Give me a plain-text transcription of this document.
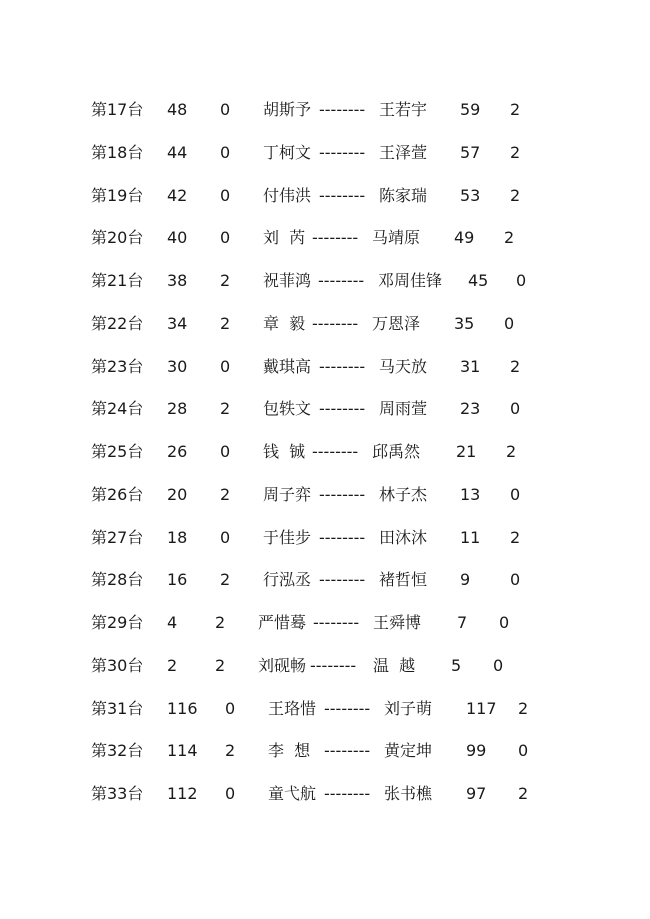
第17台 48 0 胡斯予 -------- 王若宇 59 2
第18台 44 0 丁柯文 -------- 王泽萱 57 2
第19台 42 0 付伟洪 -------- 陈家瑞 53 2
第20台 40 0 刘  芮 -------- 马靖原 49 2
第21台 38 2 祝菲鸿 -------- 邓周佳锋 45 0
第22台 34 2 章  毅 -------- 万恩泽 35 0
第23台 30 0 戴琪高 -------- 马天放 31 2
第24台 28 2 包轶文 -------- 周雨萱 23 0
第25台 26 0 钱  铖 -------- 邱禹然 21 2
第26台 20 2 周子弈 -------- 林子杰 13 0
第27台 18 0 于佳步 -------- 田沐沐 11 2
第28台 16 2 行泓丞 -------- 褚哲恒 9 0
第29台 4 2 严惜蓦 -------- 王舜博 7 0
第30台 2 2 刘砚畅 -------- 温  越 5 0
第31台 116 0 王珞惜 -------- 刘子萌 117 2
第32台 114 2 李  想 -------- 黄定坤 99 0
第33台 112 0 童弋航 -------- 张书樵 97 2
